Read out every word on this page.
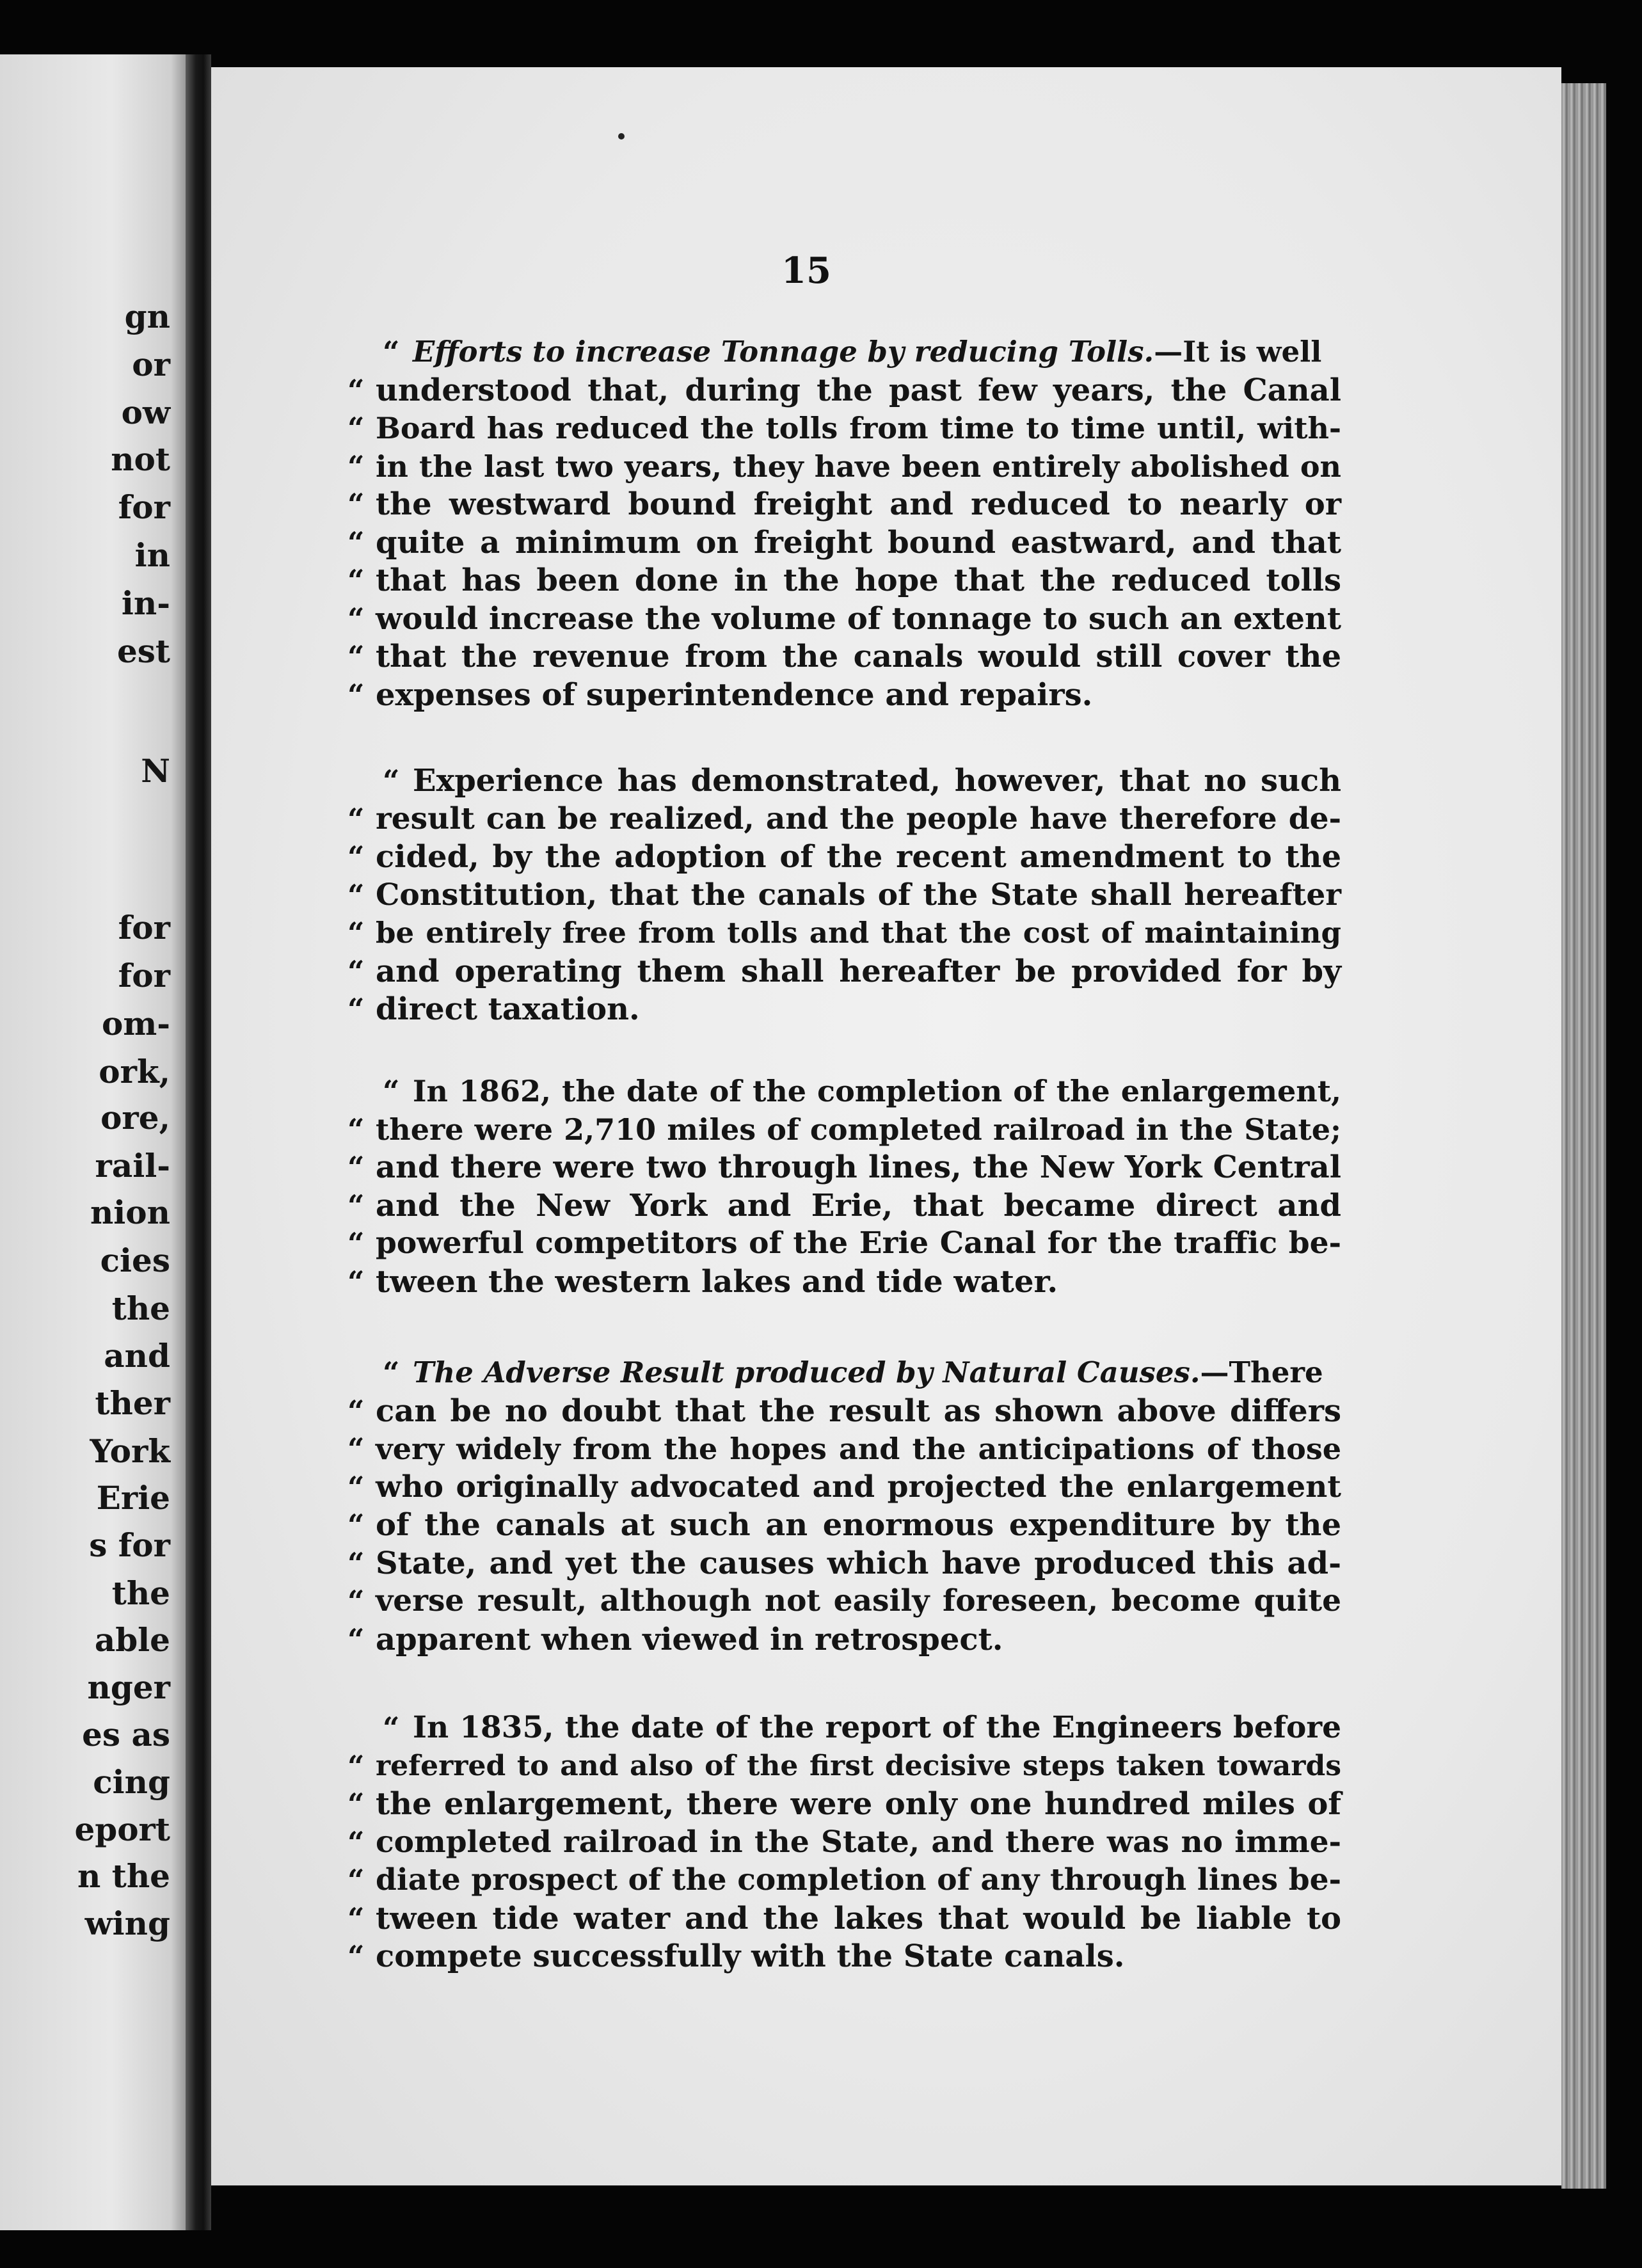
gn
or
ow
not
for
in
in-
est
N
for
for
om-
ork,
ore,
rail-
nion
cies
the
and
ther
York
Erie
s for
the
able
nger
es as
cing
eport
n the
wing
15
“ Efforts to increase Tonnage by reducing Tolls.—It is well
“ understood that, during the past few years, the Canal
“ Board has reduced the tolls from time to time until, with-
“ in the last two years, they have been entirely abolished on
“ the westward bound freight and reduced to nearly or
“ quite a minimum on freight bound eastward, and that
“ that has been done in the hope that the reduced tolls
“ would increase the volume of tonnage to such an extent
“ that the revenue from the canals would still cover the
“ expenses of superintendence and repairs.
“ Experience has demonstrated, however, that no such
“ result can be realized, and the people have therefore de-
“ cided, by the adoption of the recent amendment to the
“ Constitution, that the canals of the State shall hereafter
“ be entirely free from tolls and that the cost of maintaining
“ and operating them shall hereafter be provided for by
“ direct taxation.
“ In 1862, the date of the completion of the enlargement,
“ there were 2,710 miles of completed railroad in the State;
“ and there were two through lines, the New York Central
“ and the New York and Erie, that became direct and
“ powerful competitors of the Erie Canal for the traffic be-
“ tween the western lakes and tide water.
“ The Adverse Result produced by Natural Causes.—There
“ can be no doubt that the result as shown above differs
“ very widely from the hopes and the anticipations of those
“ who originally advocated and projected the enlargement
“ of the canals at such an enormous expenditure by the
“ State, and yet the causes which have produced this ad-
“ verse result, although not easily foreseen, become quite
“ apparent when viewed in retrospect.
“ In 1835, the date of the report of the Engineers before
“ referred to and also of the first decisive steps taken towards
“ the enlargement, there were only one hundred miles of
“ completed railroad in the State, and there was no imme-
“ diate prospect of the completion of any through lines be-
“ tween tide water and the lakes that would be liable to
“ compete successfully with the State canals.
